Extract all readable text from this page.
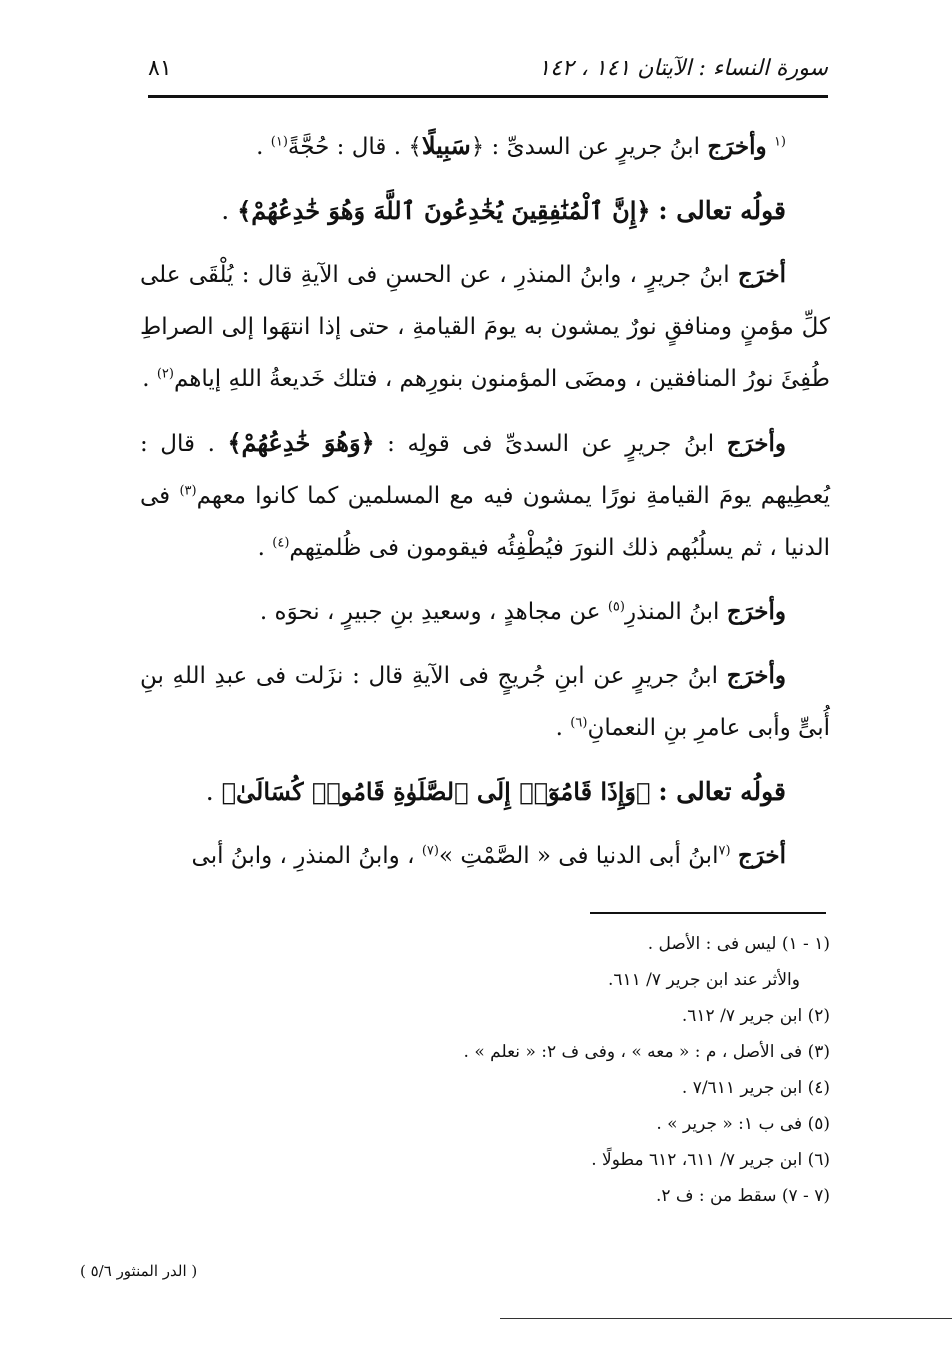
٨١	سورة النساء : الآيتان ١٤١ ، ١٤٢

$^{(١}$ وأخرَج ابنُ جريرٍ عن السدىِّ : ﴿سَبِيلًا﴾ . قال : حُجَّةً$^{(١)}$ .

قولُه تعالى : ﴿إِنَّ ٱلْمُنَٰفِقِينَ يُخَٰدِعُونَ ٱللَّهَ وَهُوَ خَٰدِعُهُمْ﴾ .

أخرَج ابنُ جريرٍ ، وابنُ المنذرِ ، عن الحسنِ فى الآيةِ قال : يُلْقَى على كلِّ مؤمنٍ ومنافقٍ نورٌ يمشون به يومَ القيامةِ ، حتى إذا انتهَوا إلى الصراطِ طُفِئَ نورُ المنافقين ، ومضَى المؤمنون بنورِهم ، فتلك خَديعةُ اللهِ إياهم$^{(٢)}$ .

وأخرَج ابنُ جريرٍ عن السدىِّ فى قولِه : ﴿وَهُوَ خَٰدِعُهُمْ﴾ . قال : يُعطِيهم يومَ القيامةِ نورًا يمشون فيه مع المسلمين كما كانوا معهم$^{(٣)}$ فى الدنيا ، ثم يسلُبُهم ذلك النورَ فيُطْفِئُه فيقومون فى ظُلمتِهم$^{(٤)}$ .

وأخرَج ابنُ المنذرِ$^{(٥)}$ عن مجاهدٍ ، وسعيدِ بنِ جبيرٍ ، نحوَه .

وأخرَج ابنُ جريرٍ عن ابنِ جُريجٍ فى الآيةِ قال : نزَلت فى عبدِ اللهِ بنِ أُبىٍّ وأبى عامرِ بنِ النعمانِ$^{(٦)}$ .

قولُه تعالى : ﴿وَإِذَا قَامُوٓا۟ إِلَى ٱلصَّلَوٰةِ قَامُوا۟ كُسَالَىٰ﴾ .

أخرَج $^{(٧}$ابنُ أبى الدنيا فى « الصَّمْتِ »$^{(٧)}$ ، وابنُ المنذرِ ، وابنُ أبى

(١ - ١) ليس فى : الأصل .

والأثر عند ابن جرير ٧/ ٦١١.

(٢) ابن جرير ٧/ ٦١٢.

(٣) فى الأصل ، م : « معه » ، وفى ف ٢: « نعلم » .

(٤) ابن جرير ٧/٦١١ .

(٥) فى ب ١: « جرير » .

(٦) ابن جرير ٧/ ٦١١، ٦١٢ مطولًا .

(٧ - ٧) سقط من : ف ٢.

( الدر المنثور ٥/٦ )
